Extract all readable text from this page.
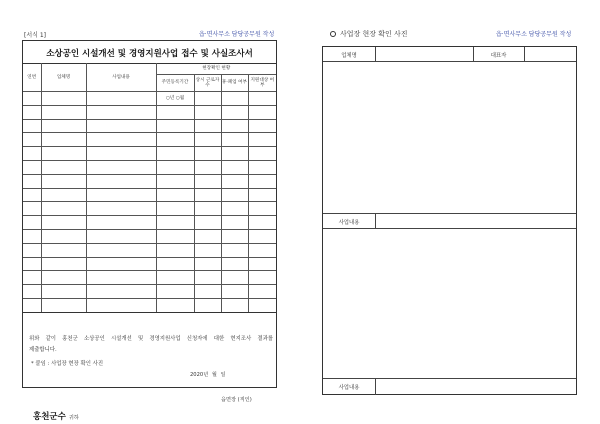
[서식 1]	읍·면사무소 담당공무원 작성
소상공인 시설개선 및 경영지원사업 접수 및 사실조사서
연번	업체명	사업내용	현장확인 현황			
			주민등록기간	상시 근로자 수	휴·폐업 여부	지원대상 여부
			○년 ○월			

위와 같이 홍천군 소상공인 시설개선 및 경영지원사업 신청자에 대한 현지조사 결과를
제출합니다.
* 붙임 : 사업장 현장 확인 사진
2020년 월 일
읍면장 (직인)
홍천군수 귀하
사업장 현장 확인 사진	읍·면사무소 담당공무원 작성
업체명	대표자
사업내용
사업내용
